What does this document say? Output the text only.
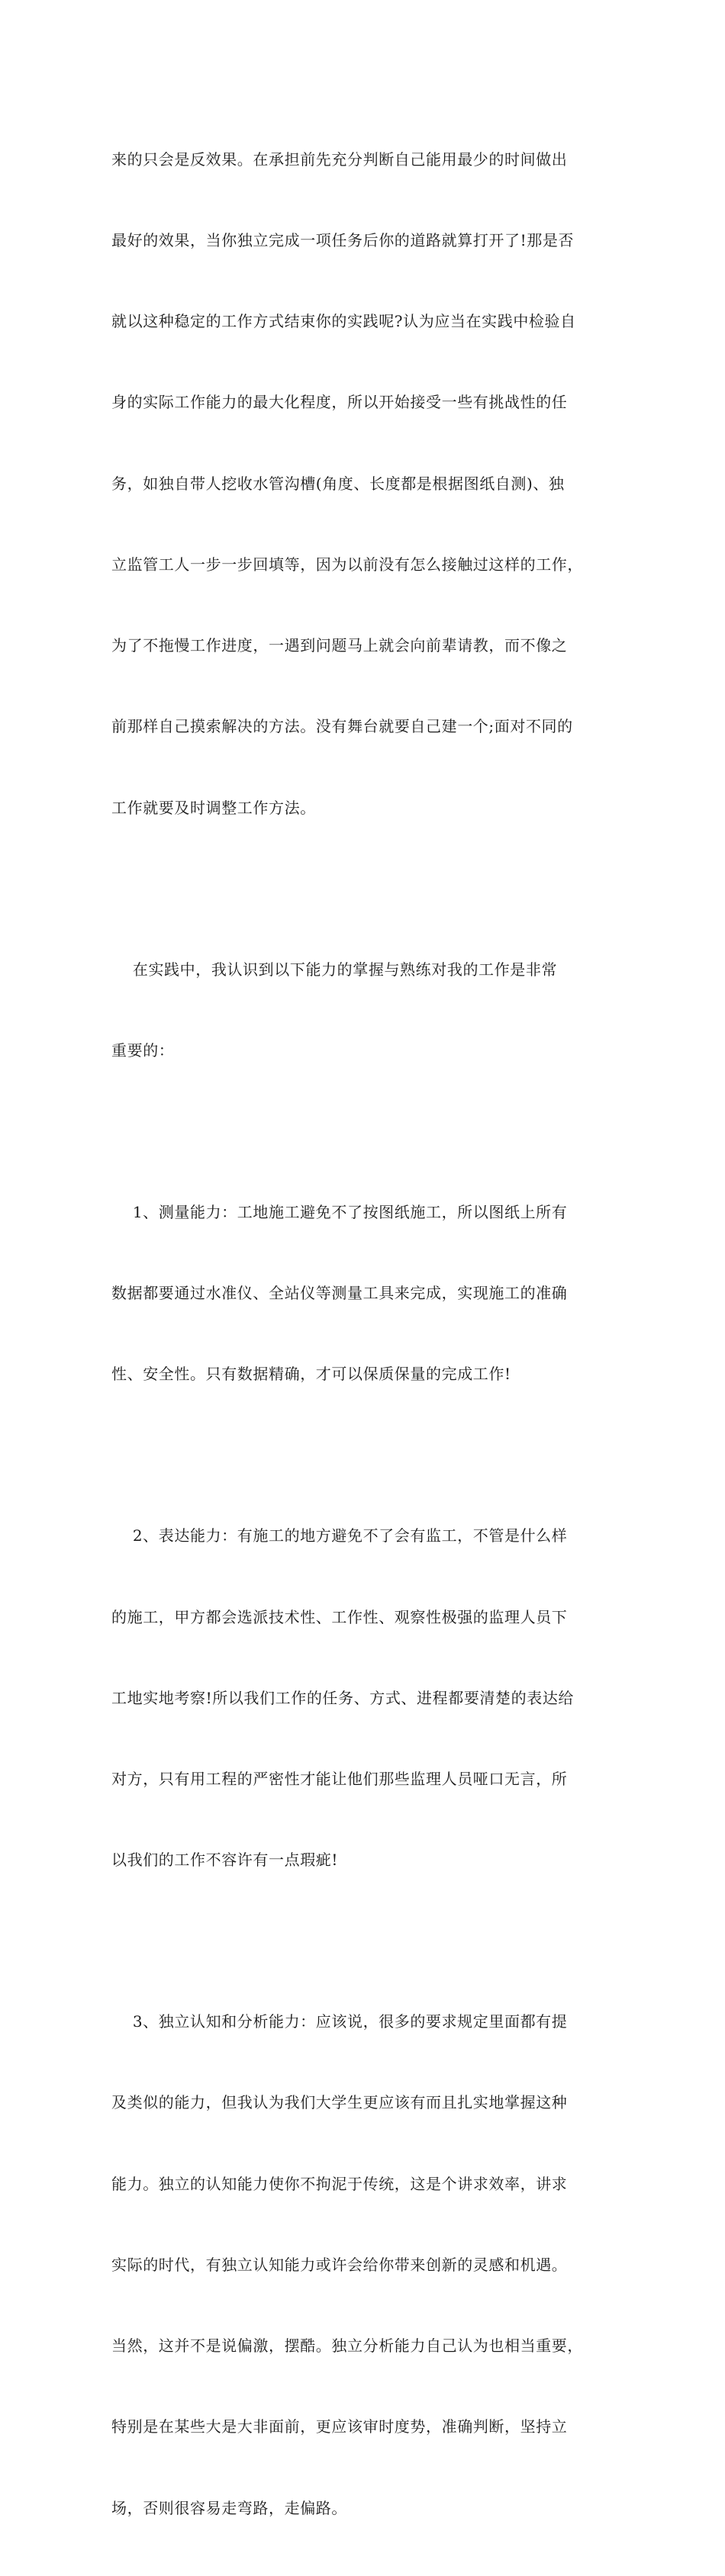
来的只会是反效果。在承担前先充分判断自己能用最少的时间做出

最好的效果，当你独立完成一项任务后你的道路就算打开了!那是否

就以这种稳定的工作方式结束你的实践呢?认为应当在实践中检验自

身的实际工作能力的最大化程度，所以开始接受一些有挑战性的任

务，如独自带人挖收水管沟槽(角度、长度都是根据图纸自测)、独

立监管工人一步一步回填等，因为以前没有怎么接触过这样的工作，

为了不拖慢工作进度，一遇到问题马上就会向前辈请教，而不像之

前那样自己摸索解决的方法。没有舞台就要自己建一个;面对不同的

工作就要及时调整工作方法。

在实践中，我认识到以下能力的掌握与熟练对我的工作是非常

重要的：

1、测量能力：工地施工避免不了按图纸施工，所以图纸上所有

数据都要通过水准仪、全站仪等测量工具来完成，实现施工的准确

性、安全性。只有数据精确，才可以保质保量的完成工作!

2、表达能力：有施工的地方避免不了会有监工，不管是什么样

的施工，甲方都会选派技术性、工作性、观察性极强的监理人员下

工地实地考察!所以我们工作的任务、方式、进程都要清楚的表达给

对方，只有用工程的严密性才能让他们那些监理人员哑口无言，所

以我们的工作不容许有一点瑕疵!

3、独立认知和分析能力：应该说，很多的要求规定里面都有提

及类似的能力，但我认为我们大学生更应该有而且扎实地掌握这种

能力。独立的认知能力使你不拘泥于传统，这是个讲求效率，讲求

实际的时代，有独立认知能力或许会给你带来创新的灵感和机遇。

当然，这并不是说偏激，摆酷。独立分析能力自己认为也相当重要，

特别是在某些大是大非面前，更应该审时度势，准确判断，坚持立

场，否则很容易走弯路，走偏路。
